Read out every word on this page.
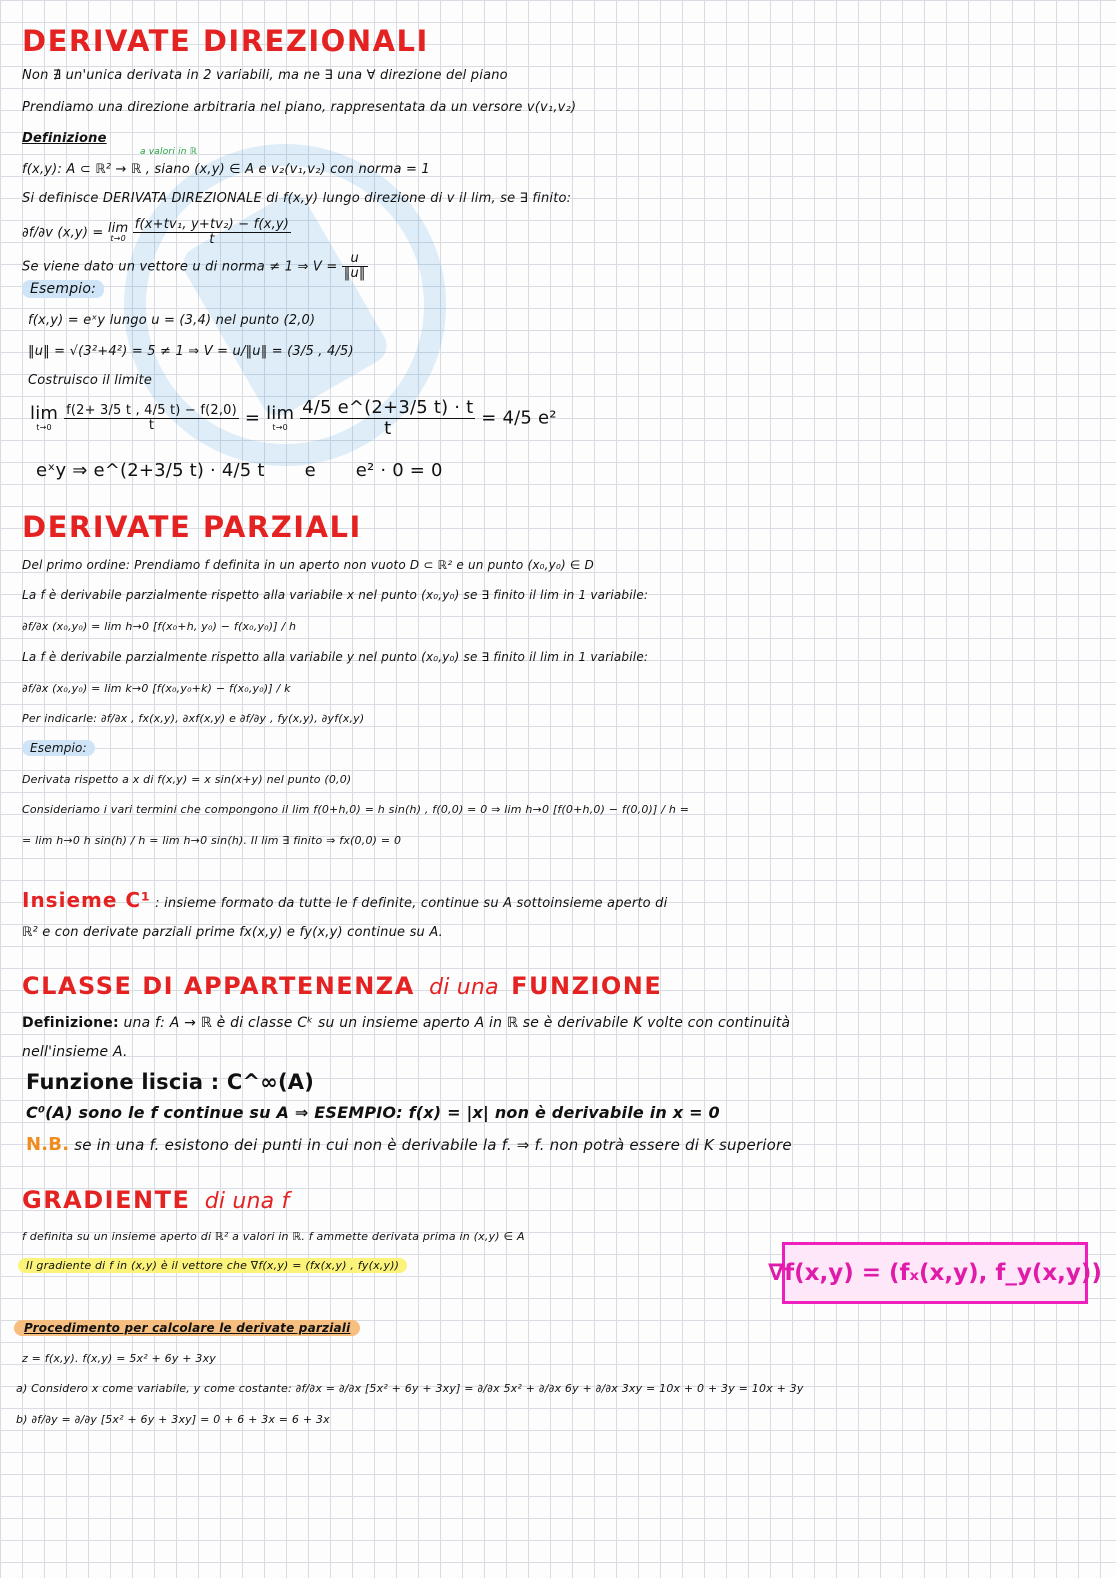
DERIVATE DIREZIONALI
Non ∄ un'unica derivata in 2 variabili, ma ne ∃ una ∀ direzione del piano
Prendiamo una direzione arbitraria nel piano, rappresentata da un versore v(v₁,v₂)
Definizione
a valori in ℝ
f(x,y): A ⊂ ℝ² → ℝ , siano (x,y) ∈ A e v₂(v₁,v₂) con norma = 1
Si definisce DERIVATA DIREZIONALE di f(x,y) lungo direzione di v il lim, se ∃ finito:
∂f/∂v (x,y) = lim
t→0
$\frac{\text{f(x+tv₁, y+tv₂) − f(x,y)}}{t}$
Se viene dato un vettore u di norma ≠ 1 ⇒ $V = \frac{u}{‖u‖}$
Esempio:
f(x,y) = eˣy lungo u = (3,4) nel punto (2,0)
‖u‖ = √(3²+4²) = 5 ≠ 1 ⇒ V = u/‖u‖ = (3/5 , 4/5)
Costruisco il limite
lim
t→0
$\frac{f(2+ 3/5 t , 4/5 t) - f(2,0)}{t} = \lim$
t→0
$\frac{4/5 e\^{}(2+3/5 t) \cdot t}{t} = 4/5$ e²
eˣy ⇒ e^(2+3/5 t) · 4/5 t e e² · 0 = 0
DERIVATE PARZIALI
Del primo ordine: Prendiamo f definita in un aperto non vuoto D ⊂ ℝ² e un punto (x₀,y₀) ∈ D
La f è derivabile parzialmente rispetto alla variabile x nel punto (x₀,y₀) se ∃ finito il lim in 1 variabile:
∂f/∂x (x₀,y₀) = lim h→0 [f(x₀+h, y₀) − f(x₀,y₀)] / h
La f è derivabile parzialmente rispetto alla variabile y nel punto (x₀,y₀) se ∃ finito il lim in 1 variabile:
∂f/∂x (x₀,y₀) = lim k→0 [f(x₀,y₀+k) − f(x₀,y₀)] / k
Per indicarle: ∂f/∂x , fx(x,y), ∂xf(x,y) e ∂f/∂y , fy(x,y), ∂yf(x,y)
Esempio:
Derivata rispetto a x di f(x,y) = x sin(x+y) nel punto (0,0)
Consideriamo i vari termini che compongono il lim f(0+h,0) = h sin(h) , f(0,0) = 0 ⇒ lim h→0 [f(0+h,0) − f(0,0)] / h =
= lim h→0 h sin(h) / h = lim h→0 sin(h). Il lim ∃ finito ⇒ fx(0,0) = 0
Insieme C¹ : insieme formato da tutte le f definite, continue su A sottoinsieme aperto di
ℝ² e con derivate parziali prime fx(x,y) e fy(x,y) continue su A.
CLASSE DI APPARTENENZA di una FUNZIONE
Definizione: una f: A → ℝ è di classe Cᵏ su un insieme aperto A in ℝ se è derivabile K volte con continuità
nell'insieme A.
Funzione liscia : C^∞(A)
C⁰(A) sono le f continue su A ⇒ ESEMPIO: f(x) = |x| non è derivabile in x = 0
N.B. se in una f. esistono dei punti in cui non è derivabile la f. ⇒ f. non potrà essere di K superiore
GRADIENTE di una f
f definita su un insieme aperto di ℝ² a valori in ℝ. f ammette derivata prima in (x,y) ∈ A
Il gradiente di f in (x,y) è il vettore che ∇f(x,y) = (fx(x,y) , fy(x,y))	∇f(x,y) = (fₓ(x,y), f_y(x,y))
Procedimento per calcolare le derivate parziali
z = f(x,y). f(x,y) = 5x² + 6y + 3xy
a) Considero x come variabile, y come costante: ∂f/∂x = ∂/∂x [5x² + 6y + 3xy] = ∂/∂x 5x² + ∂/∂x 6y + ∂/∂x 3xy = 10x + 0 + 3y = 10x + 3y
b) ∂f/∂y = ∂/∂y [5x² + 6y + 3xy] = 0 + 6 + 3x = 6 + 3x
